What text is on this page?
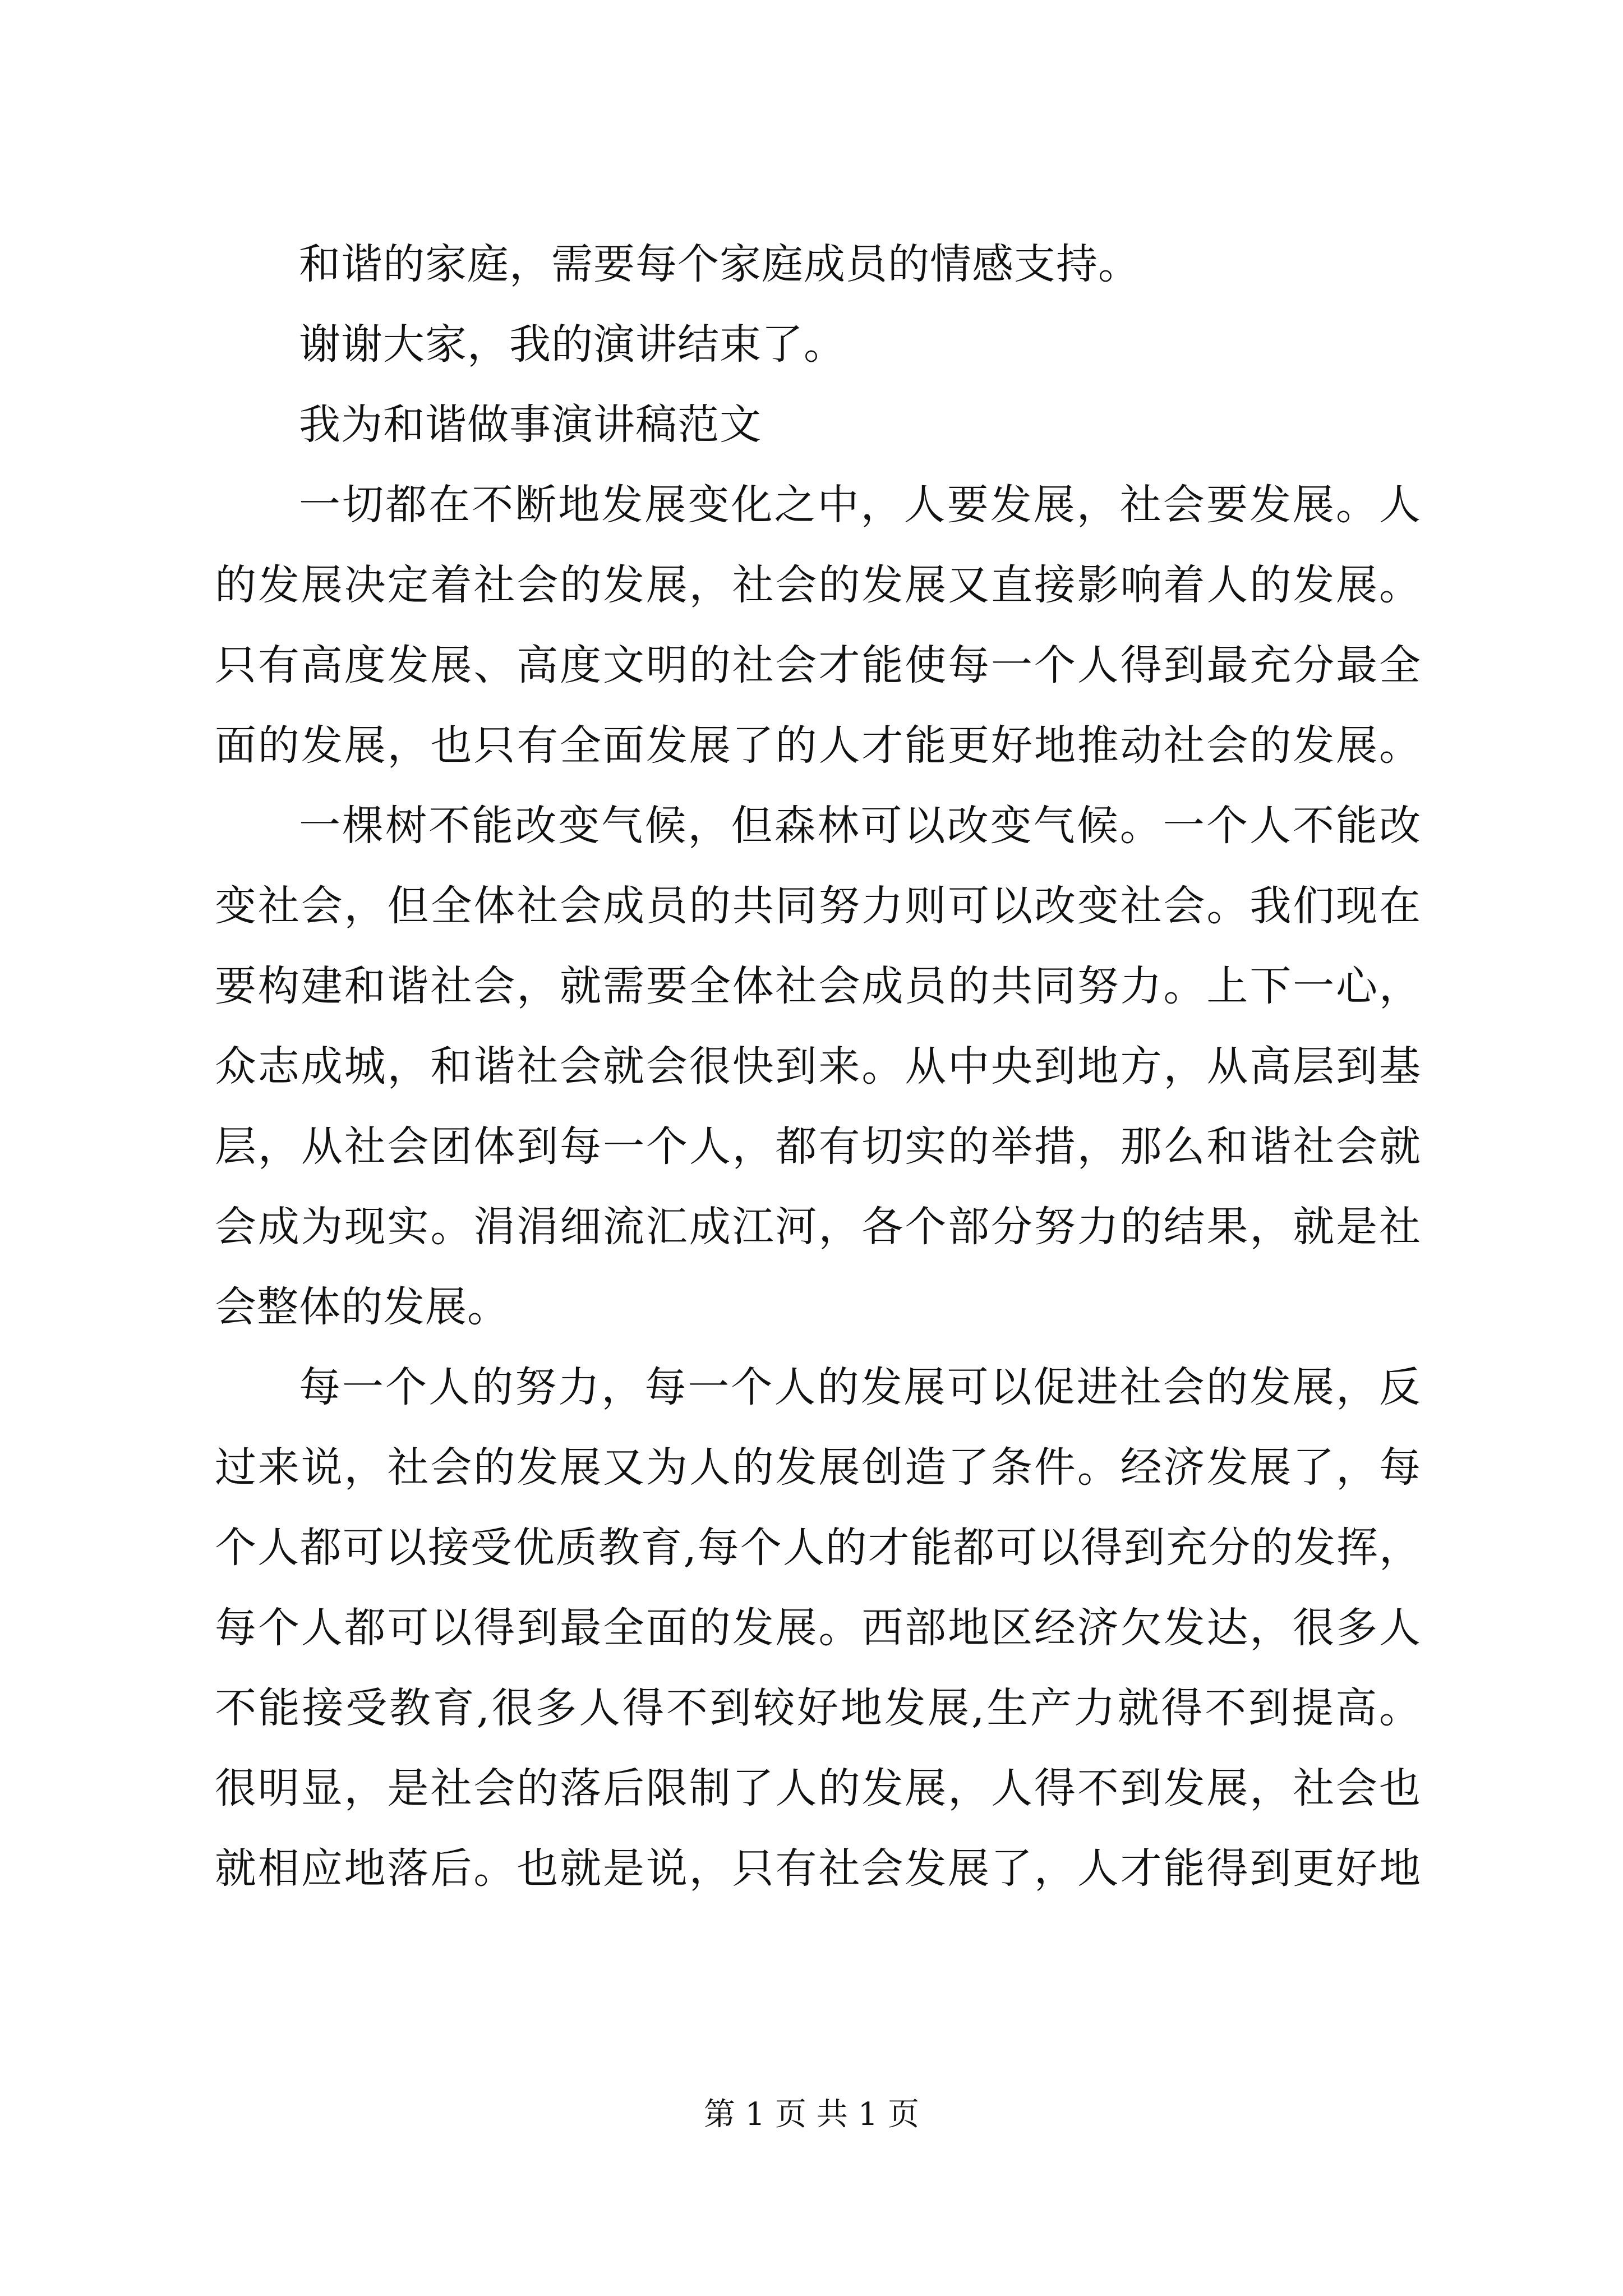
和谐的家庭，需要每个家庭成员的情感支持。
谢谢大家，我的演讲结束了。
我为和谐做事演讲稿范文
一切都在不断地发展变化之中，人要发展，社会要发展。人
的发展决定着社会的发展，社会的发展又直接影响着人的发展。
只有高度发展、高度文明的社会才能使每一个人得到最充分最全
面的发展，也只有全面发展了的人才能更好地推动社会的发展。
一棵树不能改变气候，但森林可以改变气候。一个人不能改
变社会，但全体社会成员的共同努力则可以改变社会。我们现在
要构建和谐社会，就需要全体社会成员的共同努力。上下一心，
众志成城，和谐社会就会很快到来。从中央到地方，从高层到基
层，从社会团体到每一个人，都有切实的举措，那么和谐社会就
会成为现实。涓涓细流汇成江河，各个部分努力的结果，就是社
会整体的发展。
每一个人的努力，每一个人的发展可以促进社会的发展，反
过来说，社会的发展又为人的发展创造了条件。经济发展了，每
个人都可以接受优质教育,每个人的才能都可以得到充分的发挥，
每个人都可以得到最全面的发展。西部地区经济欠发达，很多人
不能接受教育,很多人得不到较好地发展,生产力就得不到提高。
很明显，是社会的落后限制了人的发展，人得不到发展，社会也
就相应地落后。也就是说，只有社会发展了，人才能得到更好地
第 1 页 共 1 页
